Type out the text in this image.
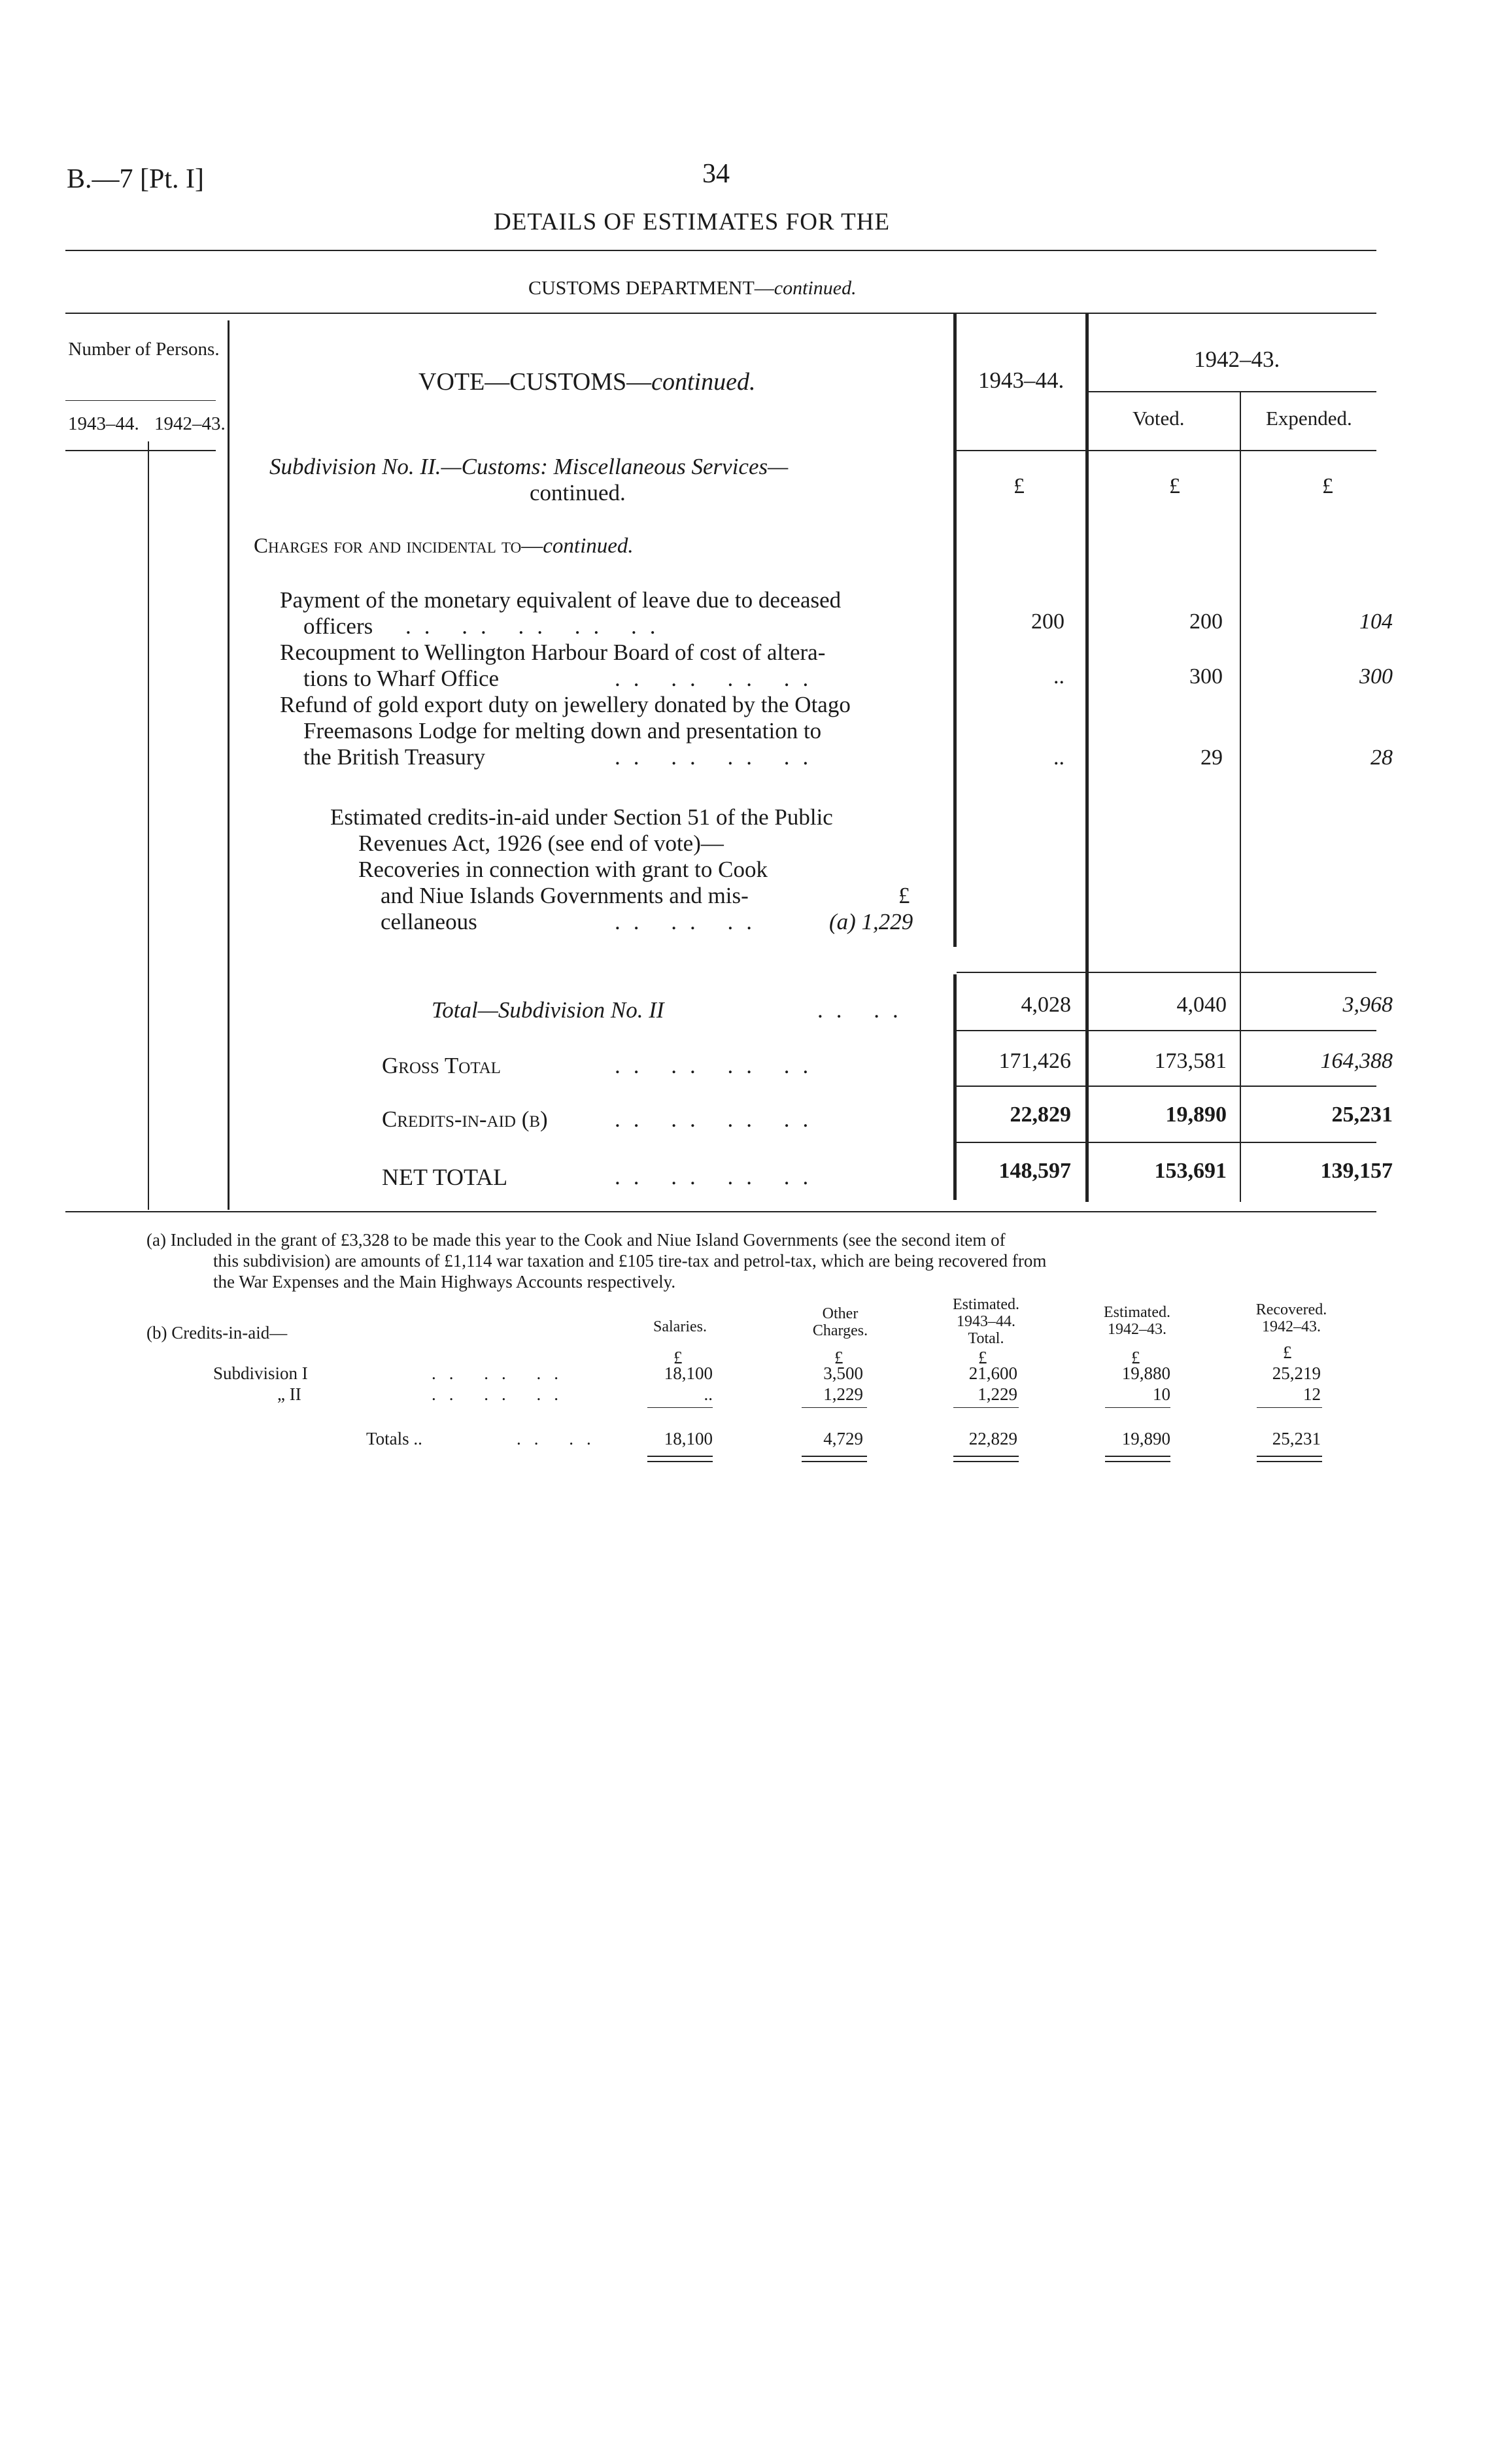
B.—7 [Pt. I]	34
DETAILS OF ESTIMATES FOR THE
CUSTOMS DEPARTMENT—continued.
Number of Persons.
1943–44. 1942–43.
VOTE—CUSTOMS—continued.	1943–44.
1942–43.
Voted.	Expended.
£	£	£
Subdivision No. II.—Customs: Miscellaneous Services—
continued.
Charges for and incidental to—continued.
Payment of the monetary equivalent of leave due to deceased
officers .. .. .. .. ..	200	200	104
Recoupment to Wellington Harbour Board of cost of altera-
tions to Wharf Office	.. .. .. ..	..	300	300
Refund of gold export duty on jewellery donated by the Otago
Freemasons Lodge for melting down and presentation to
the British Treasury	.. .. .. ..	..	29	28
Estimated credits-in-aid under Section 51 of the Public
Revenues Act, 1926 (see end of vote)—
Recoveries in connection with grant to Cook
and Niue Islands Governments and mis-	£
cellaneous	.. .. ..	(a) 1,229
Total—Subdivision No. II	.. ..	4,028	4,040	3,968
Gross Total	.. .. .. ..	171,426	173,581	164,388
Credits-in-aid (b)	.. .. .. ..	22,829	19,890	25,231
NET TOTAL	.. .. .. ..	148,597	153,691	139,157
(a) Included in the grant of £3,328 to be made this year to the Cook and Niue Island Governments (see the second item of
this subdivision) are amounts of £1,114 war taxation and £105 tire-tax and petrol-tax, which are being recovered from
the War Expenses and the Main Highways Accounts respectively.
(b) Credits-in-aid—	Salaries.
Other Charges.
Estimated. 1943–44. Total.
Estimated. 1942–43.
Recovered. 1942–43.
£	£	£	£	£
Subdivision I	.. .. ..	18,100	3,500	21,600	19,880	25,219
„ II	.. .. ..	..	1,229	1,229	10	12
Totals ..	.. ..	18,100	4,729	22,829	19,890	25,231
